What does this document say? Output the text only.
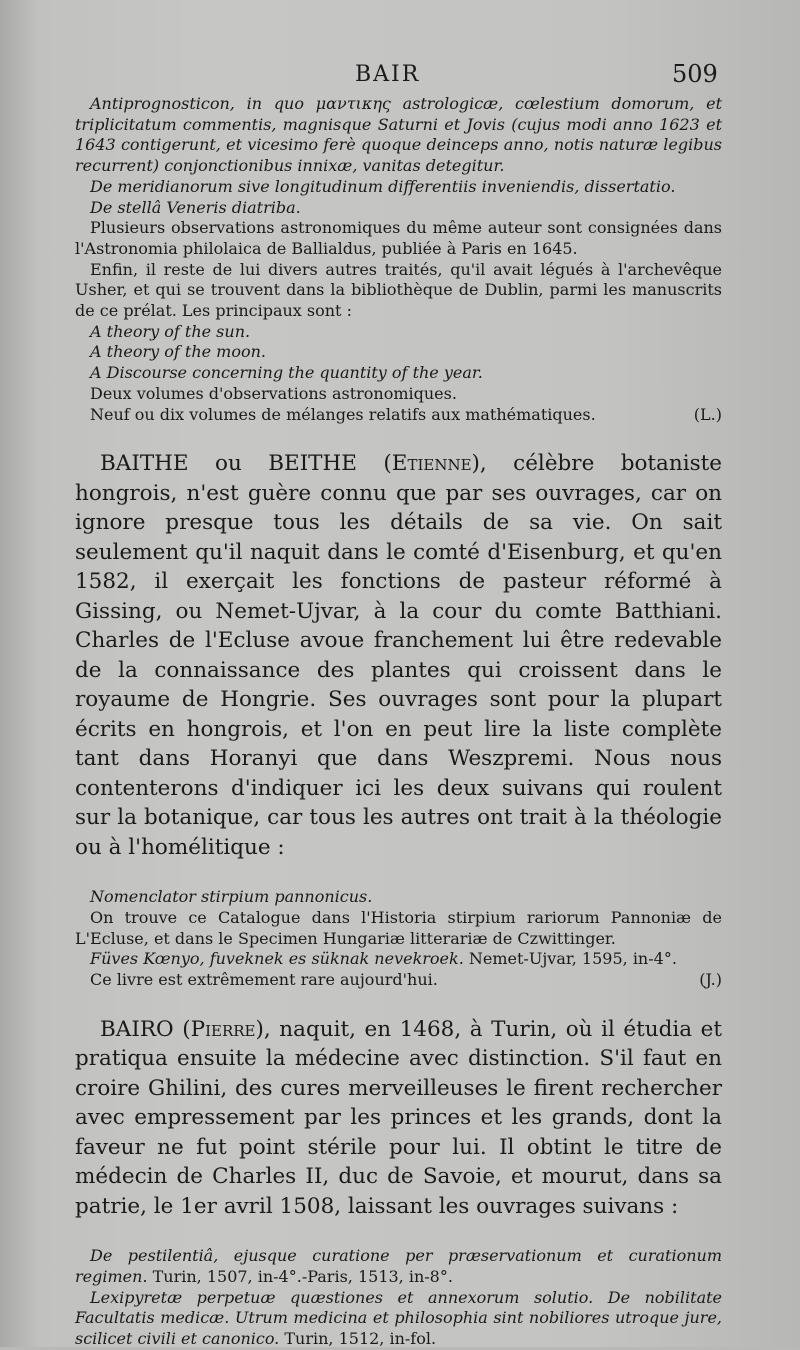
BAIR	509

Antiprognosticon, in quo μαντικης astrologicæ, cœlestium domorum, et triplicitatum commentis, magnisque Saturni et Jovis (cujus modi anno 1623 et 1643 contigerunt, et vicesimo ferè quoque deinceps anno, notis naturæ legibus recurrent) conjonctionibus innixæ, vanitas detegitur.

De meridianorum sive longitudinum differentiis inveniendis, dissertatio.

De stellâ Veneris diatriba.

Plusieurs observations astronomiques du même auteur sont consignées dans l'Astronomia philolaica de Ballialdus, publiée à Paris en 1645.

Enfin, il reste de lui divers autres traités, qu'il avait légués à l'archevêque Usher, et qui se trouvent dans la bibliothèque de Dublin, parmi les manuscrits de ce prélat. Les principaux sont :

A theory of the sun.

A theory of the moon.

A Discourse concerning the quantity of the year.

Deux volumes d'observations astronomiques.

Neuf ou dix volumes de mélanges relatifs aux mathématiques.	(L.)

BAITHE ou BEITHE (Etienne), célèbre botaniste hongrois, n'est guère connu que par ses ouvrages, car on ignore presque tous les détails de sa vie. On sait seulement qu'il naquit dans le comté d'Eisenburg, et qu'en 1582, il exerçait les fonctions de pasteur réformé à Gissing, ou Nemet-Ujvar, à la cour du comte Batthiani. Charles de l'Ecluse avoue franchement lui être redevable de la connaissance des plantes qui croissent dans le royaume de Hongrie. Ses ouvrages sont pour la plupart écrits en hongrois, et l'on en peut lire la liste complète tant dans Horanyi que dans Weszpremi. Nous nous contenterons d'indiquer ici les deux suivans qui roulent sur la botanique, car tous les autres ont trait à la théologie ou à l'homélitique :

Nomenclator stirpium pannonicus.

On trouve ce Catalogue dans l'Historia stirpium rariorum Pannoniæ de L'Ecluse, et dans le Specimen Hungariæ litterariæ de Czwittinger.

Füves Kœnyo, fuveknek es süknak nevekroek. Nemet-Ujvar, 1595, in-4°.

Ce livre est extrêmement rare aujourd'hui.	(J.)

BAIRO (Pierre), naquit, en 1468, à Turin, où il étudia et pratiqua ensuite la médecine avec distinction. S'il faut en croire Ghilini, des cures merveilleuses le firent rechercher avec empressement par les princes et les grands, dont la faveur ne fut point stérile pour lui. Il obtint le titre de médecin de Charles II, duc de Savoie, et mourut, dans sa patrie, le 1er avril 1508, laissant les ouvrages suivans :

De pestilentiâ, ejusque curatione per præservationum et curationum regimen. Turin, 1507, in-4°.-Paris, 1513, in-8°.

Lexipyretæ perpetuæ quæstiones et annexorum solutio. De nobilitate Facultatis medicæ. Utrum medicina et philosophia sint nobiliores utroque jure, scilicet civili et canonico. Turin, 1512, in-fol.
